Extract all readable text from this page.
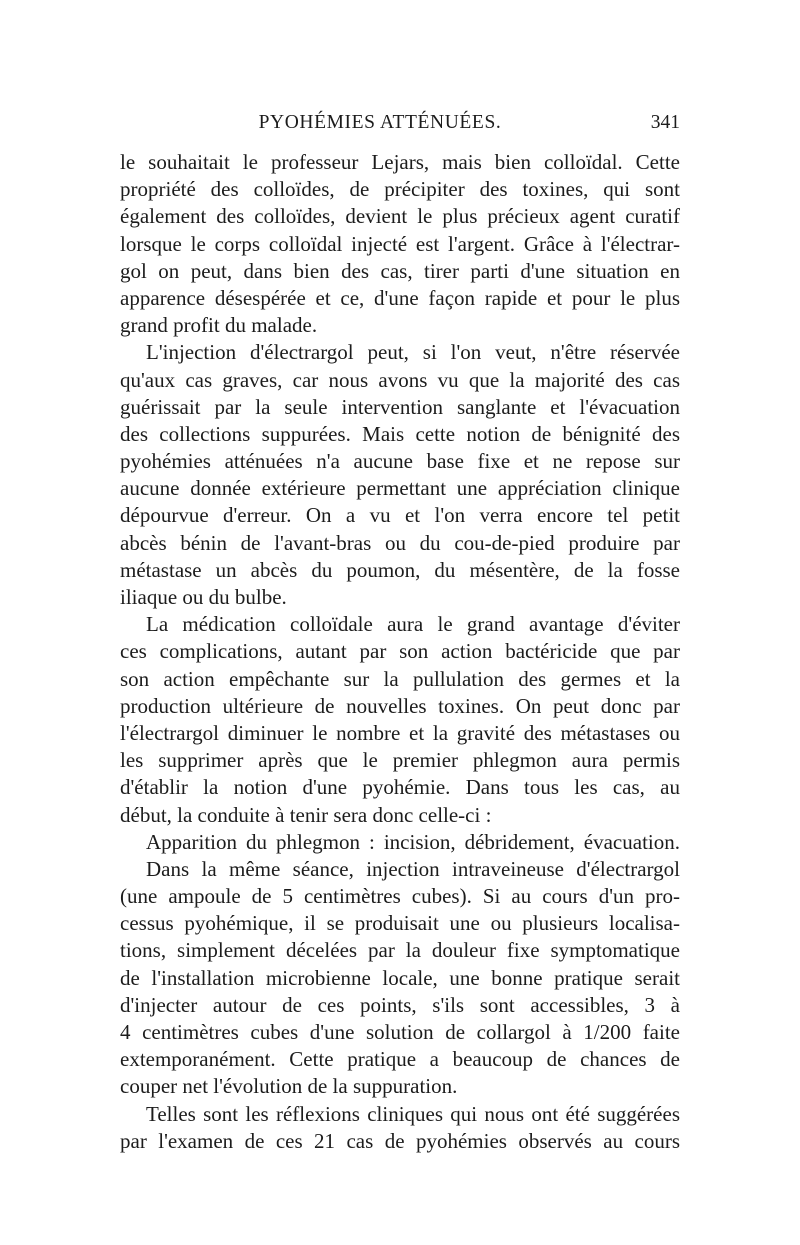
PYOHÉMIES ATTÉNUÉES.	341
le souhaitait le professeur Lejars, mais bien colloïdal. Cette
propriété des colloïdes, de précipiter des toxines, qui sont
également des colloïdes, devient le plus précieux agent curatif
lorsque le corps colloïdal injecté est l'argent. Grâce à l'électrar-
gol on peut, dans bien des cas, tirer parti d'une situation en
apparence désespérée et ce, d'une façon rapide et pour le plus
grand profit du malade.
L'injection d'électrargol peut, si l'on veut, n'être réservée
qu'aux cas graves, car nous avons vu que la majorité des cas
guérissait par la seule intervention sanglante et l'évacuation
des collections suppurées. Mais cette notion de bénignité des
pyohémies atténuées n'a aucune base fixe et ne repose sur
aucune donnée extérieure permettant une appréciation clinique
dépourvue d'erreur. On a vu et l'on verra encore tel petit
abcès bénin de l'avant-bras ou du cou-de-pied produire par
métastase un abcès du poumon, du mésentère, de la fosse
iliaque ou du bulbe.
La médication colloïdale aura le grand avantage d'éviter
ces complications, autant par son action bactéricide que par
son action empêchante sur la pullulation des germes et la
production ultérieure de nouvelles toxines. On peut donc par
l'électrargol diminuer le nombre et la gravité des métastases ou
les supprimer après que le premier phlegmon aura permis
d'établir la notion d'une pyohémie. Dans tous les cas, au
début, la conduite à tenir sera donc celle-ci :
Apparition du phlegmon : incision, débridement, évacuation.
Dans la même séance, injection intraveineuse d'électrargol
(une ampoule de 5 centimètres cubes). Si au cours d'un pro-
cessus pyohémique, il se produisait une ou plusieurs localisa-
tions, simplement décelées par la douleur fixe symptomatique
de l'installation microbienne locale, une bonne pratique serait
d'injecter autour de ces points, s'ils sont accessibles, 3 à
4 centimètres cubes d'une solution de collargol à 1/200 faite
extemporanément. Cette pratique a beaucoup de chances de
couper net l'évolution de la suppuration.
Telles sont les réflexions cliniques qui nous ont été suggérées
par l'examen de ces 21 cas de pyohémies observés au cours
